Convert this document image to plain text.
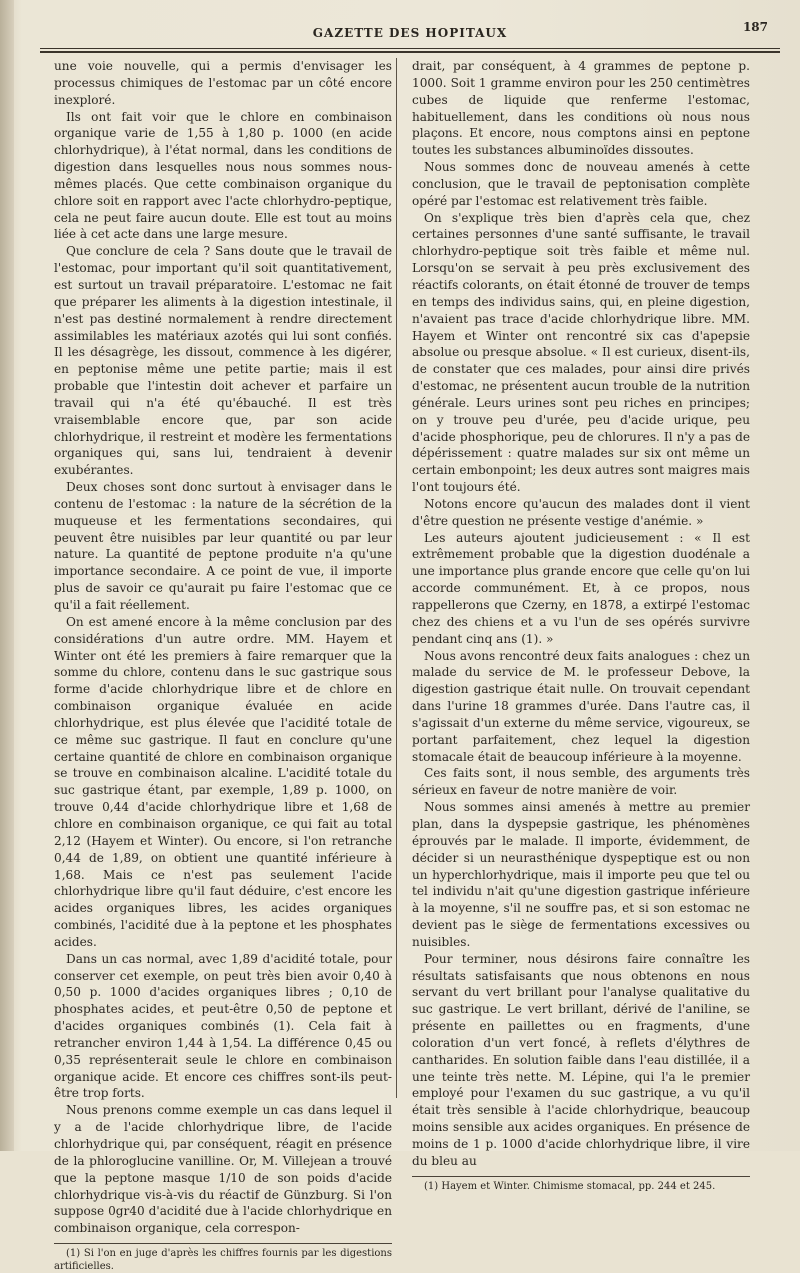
GAZETTE DES HOPITAUX	187

une voie nouvelle, qui a permis d'envisager les processus chimiques de l'estomac par un côté encore inexploré.

Ils ont fait voir que le chlore en combinaison organique varie de 1,55 à 1,80 p. 1000 (en acide chlorhydrique), à l'état normal, dans les conditions de digestion dans lesquelles nous nous sommes nous-mêmes placés. Que cette combinaison organique du chlore soit en rapport avec l'acte chlorhydro-peptique, cela ne peut faire aucun doute. Elle est tout au moins liée à cet acte dans une large mesure.

Que conclure de cela ? Sans doute que le travail de l'estomac, pour important qu'il soit quantitativement, est surtout un travail préparatoire. L'estomac ne fait que préparer les aliments à la digestion intestinale, il n'est pas destiné normalement à rendre directement assimilables les matériaux azotés qui lui sont confiés. Il les désagrège, les dissout, commence à les digérer, en peptonise même une petite partie; mais il est probable que l'intestin doit achever et parfaire un travail qui n'a été qu'ébauché. Il est très vraisemblable encore que, par son acide chlorhydrique, il restreint et modère les fermentations organiques qui, sans lui, tendraient à devenir exubérantes.

Deux choses sont donc surtout à envisager dans le contenu de l'estomac : la nature de la sécrétion de la muqueuse et les fermentations secondaires, qui peuvent être nuisibles par leur quantité ou par leur nature. La quantité de peptone produite n'a qu'une importance secondaire. A ce point de vue, il importe plus de savoir ce qu'aurait pu faire l'estomac que ce qu'il a fait réellement.

On est amené encore à la même conclusion par des considérations d'un autre ordre. MM. Hayem et Winter ont été les premiers à faire remarquer que la somme du chlore, contenu dans le suc gastrique sous forme d'acide chlorhydrique libre et de chlore en combinaison organique évaluée en acide chlorhydrique, est plus élevée que l'acidité totale de ce même suc gastrique. Il faut en conclure qu'une certaine quantité de chlore en combinaison organique se trouve en combinaison alcaline. L'acidité totale du suc gastrique étant, par exemple, 1,89 p. 1000, on trouve 0,44 d'acide chlorhydrique libre et 1,68 de chlore en combinaison organique, ce qui fait au total 2,12 (Hayem et Winter). Ou encore, si l'on retranche 0,44 de 1,89, on obtient une quantité inférieure à 1,68. Mais ce n'est pas seulement l'acide chlorhydrique libre qu'il faut déduire, c'est encore les acides organiques libres, les acides organiques combinés, l'acidité due à la peptone et les phosphates acides.

Dans un cas normal, avec 1,89 d'acidité totale, pour conserver cet exemple, on peut très bien avoir 0,40 à 0,50 p. 1000 d'acides organiques libres ; 0,10 de phosphates acides, et peut-être 0,50 de peptone et d'acides organiques combinés (1). Cela fait à retrancher environ 1,44 à 1,54. La différence 0,45 ou 0,35 représenterait seule le chlore en combinaison organique acide. Et encore ces chiffres sont-ils peut-être trop forts.

Nous prenons comme exemple un cas dans lequel il y a de l'acide chlorhydrique libre, de l'acide chlorhydrique qui, par conséquent, réagit en présence de la phloroglucine vanilline. Or, M. Villejean a trouvé que la peptone masque 1/10 de son poids d'acide chlorhydrique vis-à-vis du réactif de Günzburg. Si l'on suppose 0gr40 d'acidité due à l'acide chlorhydrique en combinaison organique, cela correspon-

(1) Si l'on en juge d'après les chiffres fournis par les digestions artificielles.

drait, par conséquent, à 4 grammes de peptone p. 1000. Soit 1 gramme environ pour les 250 centimètres cubes de liquide que renferme l'estomac, habituellement, dans les conditions où nous nous plaçons. Et encore, nous comptons ainsi en peptone toutes les substances albuminoïdes dissoutes.

Nous sommes donc de nouveau amenés à cette conclusion, que le travail de peptonisation complète opéré par l'estomac est relativement très faible.

On s'explique très bien d'après cela que, chez certaines personnes d'une santé suffisante, le travail chlorhydro-peptique soit très faible et même nul. Lorsqu'on se servait à peu près exclusivement des réactifs colorants, on était étonné de trouver de temps en temps des individus sains, qui, en pleine digestion, n'avaient pas trace d'acide chlorhydrique libre. MM. Hayem et Winter ont rencontré six cas d'apepsie absolue ou presque absolue. « Il est curieux, disent-ils, de constater que ces malades, pour ainsi dire privés d'estomac, ne présentent aucun trouble de la nutrition générale. Leurs urines sont peu riches en principes; on y trouve peu d'urée, peu d'acide urique, peu d'acide phosphorique, peu de chlorures. Il n'y a pas de dépérissement : quatre malades sur six ont même un certain embonpoint; les deux autres sont maigres mais l'ont toujours été.

Notons encore qu'aucun des malades dont il vient d'être question ne présente vestige d'anémie. »

Les auteurs ajoutent judicieusement : « Il est extrêmement probable que la digestion duodénale a une importance plus grande encore que celle qu'on lui accorde communément. Et, à ce propos, nous rappellerons que Czerny, en 1878, a extirpé l'estomac chez des chiens et a vu l'un de ses opérés survivre pendant cinq ans (1). »

Nous avons rencontré deux faits analogues : chez un malade du service de M. le professeur Debove, la digestion gastrique était nulle. On trouvait cependant dans l'urine 18 grammes d'urée. Dans l'autre cas, il s'agissait d'un externe du même service, vigoureux, se portant parfaitement, chez lequel la digestion stomacale était de beaucoup inférieure à la moyenne.

Ces faits sont, il nous semble, des arguments très sérieux en faveur de notre manière de voir.

Nous sommes ainsi amenés à mettre au premier plan, dans la dyspepsie gastrique, les phénomènes éprouvés par le malade. Il importe, évidemment, de décider si un neurasthénique dyspeptique est ou non un hyperchlorhydrique, mais il importe peu que tel ou tel individu n'ait qu'une digestion gastrique inférieure à la moyenne, s'il ne souffre pas, et si son estomac ne devient pas le siège de fermentations excessives ou nuisibles.

Pour terminer, nous désirons faire connaître les résultats satisfaisants que nous obtenons en nous servant du vert brillant pour l'analyse qualitative du suc gastrique. Le vert brillant, dérivé de l'aniline, se présente en paillettes ou en fragments, d'une coloration d'un vert foncé, à reflets d'élythres de cantharides. En solution faible dans l'eau distillée, il a une teinte très nette. M. Lépine, qui l'a le premier employé pour l'examen du suc gastrique, a vu qu'il était très sensible à l'acide chlorhydrique, beaucoup moins sensible aux acides organiques. En présence de moins de 1 p. 1000 d'acide chlorhydrique libre, il vire du bleu au

(1) Hayem et Winter. Chimisme stomacal, pp. 244 et 245.
